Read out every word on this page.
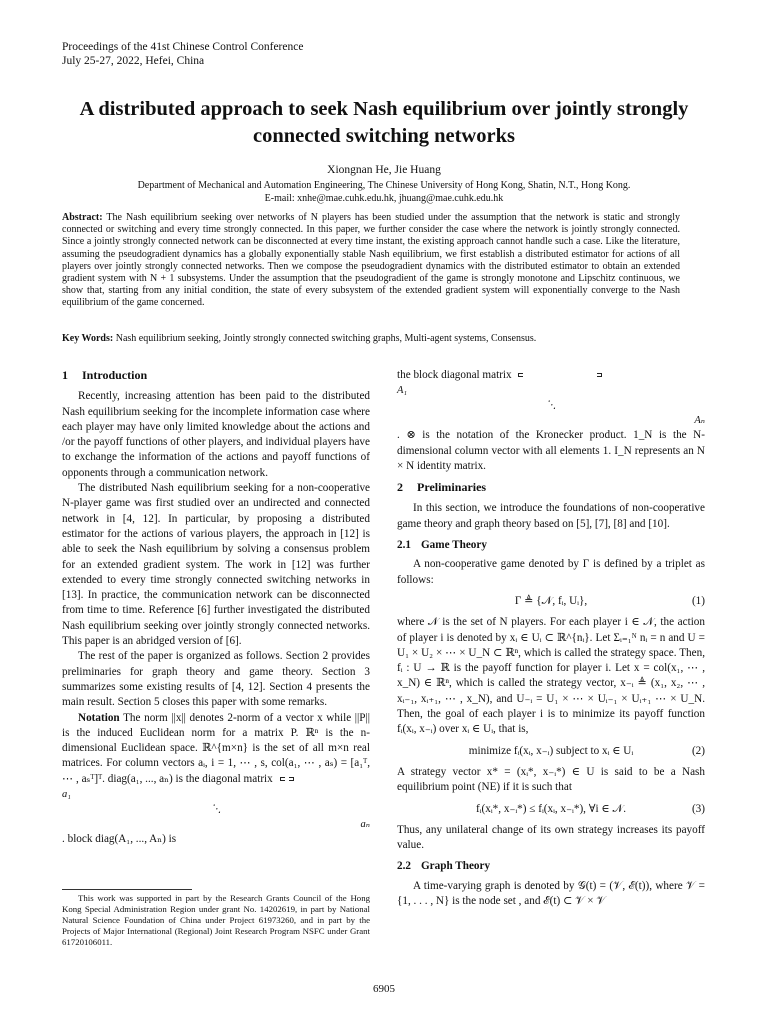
Proceedings of the 41st Chinese Control Conference
July 25-27, 2022, Hefei, China
A distributed approach to seek Nash equilibrium over jointly strongly connected switching networks
Xiongnan He, Jie Huang
Department of Mechanical and Automation Engineering, The Chinese University of Hong Kong, Shatin, N.T., Hong Kong.
E-mail: xnhe@mae.cuhk.edu.hk, jhuang@mae.cuhk.edu.hk
Abstract: The Nash equilibrium seeking over networks of N players has been studied under the assumption that the network is static and strongly connected or switching and every time strongly connected. In this paper, we further consider the case where the network is jointly strongly connected. Since a jointly strongly connected network can be disconnected at every time instant, the existing approach cannot handle such a case. Like the literature, assuming the pseudogradient dynamics has a globally exponentially stable Nash equilibrium, we first establish a distributed estimator for actions of all players over jointly strongly connected networks. Then we compose the pseudogradient dynamics with the distributed estimator to obtain an extended gradient system with N + 1 subsystems. Under the assumption that the pseudogradient of the game is strongly monotone and Lipschitz continuous, we show that, starting from any initial condition, the state of every subsystem of the extended gradient system will exponentially converge to the Nash equilibrium of the game concerned.
Key Words: Nash equilibrium seeking, Jointly strongly connected switching graphs, Multi-agent systems, Consensus.
1 Introduction

Recently, increasing attention has been paid to the distributed Nash equilibrium seeking for the incomplete information case where each player may have only limited knowledge about the actions and /or the payoff functions of other players, and individual players have to exchange the information of the actions and payoff functions of opponents through a communication network.

The distributed Nash equilibrium seeking for a non-cooperative N-player game was first studied over an undirected and connected network in [4, 12]. In particular, by proposing a distributed estimator for the actions of various players, the approach in [12] is able to seek the Nash equilibrium by solving a consensus problem for an extended gradient system. The work in [12] was further extended to every time strongly connected switching networks in [13]. In practice, the communication network can be disconnected from time to time. Reference [6] further investigated the distributed Nash equilibrium seeking over jointly strongly connected networks. This paper is an abridged version of [6].

The rest of the paper is organized as follows. Section 2 provides preliminaries for graph theory and game theory. Section 3 summarizes some existing results of [4, 12]. Section 4 presents the main result. Section 5 closes this paper with some remarks.

Notation The norm ||x|| denotes 2-norm of a vector x while ||P|| is the induced Euclidean norm for a matrix P. ℝⁿ is the n-dimensional Euclidean space. ℝ^{m×n} is the set of all m×n real matrices. For column vectors aᵢ, i = 1, ⋯ , s, col(a₁, ⋯ , aₛ) = [a₁ᵀ, ⋯ , aₛᵀ]ᵀ. diag(a₁, ..., aₙ) is the diagonal matrix

a₁
⋱
aₙ
. block diag(A₁, ..., Aₙ) is

the block diagonal matrix

A₁
⋱
Aₙ
. ⊗ is the notation of the Kronecker product. 1_N is the N-dimensional column vector with all elements 1. I_N represents an N × N identity matrix.

2 Preliminaries

In this section, we introduce the foundations of non-cooperative game theory and graph theory based on [5], [7], [8] and [10].

2.1 Game Theory

A non-cooperative game denoted by Γ is defined by a triplet as follows:

Γ ≜ {𝒩, fᵢ, Uᵢ},	(1)

where 𝒩 is the set of N players. For each player i ∈ 𝒩, the action of player i is denoted by xᵢ ∈ Uᵢ ⊂ ℝ^{nᵢ}. Let Σᵢ₌₁ᴺ nᵢ = n and U = U₁ × U₂ × ⋯ × U_N ⊂ ℝⁿ, which is called the strategy space. Then, fᵢ : U → ℝ is the payoff function for player i. Let x = col(x₁, ⋯ , x_N) ∈ ℝⁿ, which is called the strategy vector, x₋ᵢ ≜ (x₁, x₂, ⋯ , xᵢ₋₁, xᵢ₊₁, ⋯ , x_N), and U₋ᵢ = U₁ × ⋯ × Uᵢ₋₁ × Uᵢ₊₁ ⋯ × U_N. Then, the goal of each player i is to minimize its payoff function fᵢ(xᵢ, x₋ᵢ) over xᵢ ∈ Uᵢ, that is,

minimize fᵢ(xᵢ, x₋ᵢ) subject to xᵢ ∈ Uᵢ	(2)

A strategy vector x* = (xᵢ*, x₋ᵢ*) ∈ U is said to be a Nash equilibrium point (NE) if it is such that

fᵢ(xᵢ*, x₋ᵢ*) ≤ fᵢ(xᵢ, x₋ᵢ*), ∀i ∈ 𝒩.	(3)

Thus, any unilateral change of its own strategy increases its payoff value.

2.2 Graph Theory

A time-varying graph is denoted by 𝒢(t) = (𝒱, ℰ(t)), where 𝒱 = {1, . . . , N} is the node set , and ℰ(t) ⊂ 𝒱 × 𝒱

This work was supported in part by the Research Grants Council of the Hong Kong Special Administration Region under grant No. 14202619, in part by National Natural Science Foundation of China under Project 61973260, and in part by the Projects of Major International (Regional) Joint Research Program NSFC under Grant 61720106011.

6905
